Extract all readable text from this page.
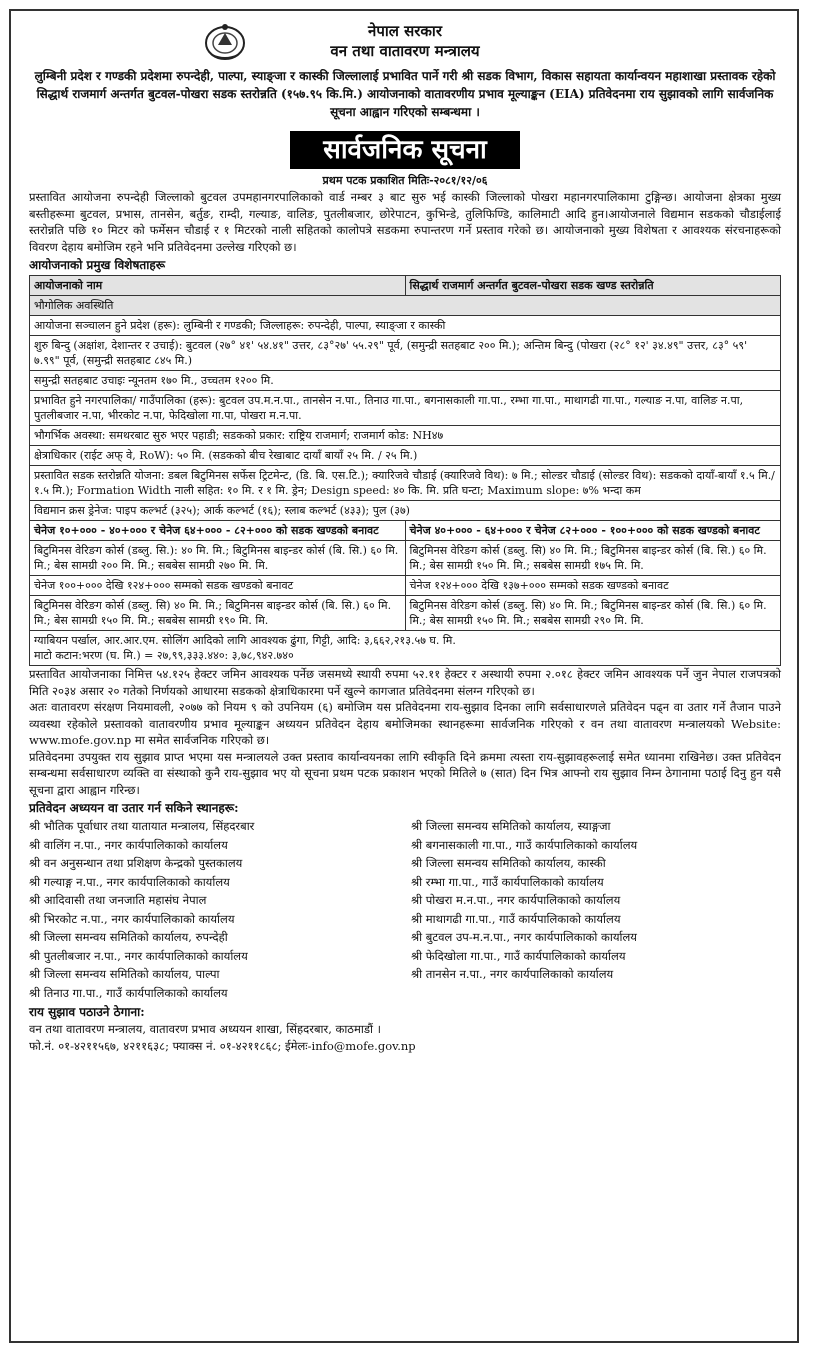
नेपाल सरकार
वन तथा वातावरण मन्त्रालय
लुम्बिनी प्रदेश र गण्डकी प्रदेशमा रुपन्देही, पाल्पा, स्याङ्जा र कास्की जिल्लालाई प्रभावित पार्ने गरी श्री सडक विभाग, विकास सहायता कार्यान्वयन महाशाखा प्रस्तावक रहेको सिद्धार्थ राजमार्ग अन्तर्गत बुटवल-पोखरा सडक स्तरोन्नति (१५७.९५ कि.मि.) आयोजनाको वातावरणीय प्रभाव मूल्याङ्कन (EIA) प्रतिवेदनमा राय सुझावको लागि सार्वजनिक सूचना आह्वान गरिएको सम्बन्धमा ।
सार्वजनिक सूचना
प्रथम पटक प्रकाशित मितिः-२०८१/१२/०६

प्रस्तावित आयोजना रुपन्देही जिल्लाको बुटवल उपमहानगरपालिकाको वार्ड नम्बर ३ बाट सुरु भई कास्की जिल्लाको पोखरा महानगरपालिकामा टुङ्गिन्छ। आयोजना क्षेत्रका मुख्य बस्तीहरूमा बुटवल, प्रभास, तानसेन, बर्तुङ, राम्दी, गल्याङ, वालिङ, पुतलीबजार, छोरेपाटन, कुभिन्डे, तुलिफिण्डि, कालिमाटी आदि हुन।आयोजनाले विद्यमान सडकको चौडाईलाई स्तरोन्नति पछि १० मिटर को फर्मेसन चौडाई र १ मिटरको नाली सहितको कालोपत्रे सडकमा रुपान्तरण गर्ने प्रस्ताव गरेको छ। आयोजनाको मुख्य विशेषता र आवश्यक संरचनाहरूको विवरण देहाय बमोजिम रहने भनि प्रतिवेदनमा उल्लेख गरिएको छ।

आयोजनाको प्रमुख विशेषताहरू
आयोजनाको नाम	सिद्धार्थ राजमार्ग अन्तर्गत बुटवल-पोखरा सडक खण्ड स्तरोन्नति
भौगोलिक अवस्थिति	
आयोजना सञ्चालन हुने प्रदेश (हरू): लुम्बिनी र गण्डकी; जिल्लाहरू: रुपन्देही, पाल्पा, स्याङ्जा र कास्की	
शुरु बिन्दु (अक्षांश, देशान्तर र उचाई): बुटवल (२७° ४१' ५४.४१" उत्तर, ८३°२७' ५५.२९" पूर्व, (समुन्द्री सतहबाट २०० मि.); अन्तिम बिन्दु (पोखरा (२८° १२' ३४.४९" उत्तर, ८३° ५९' ७.९९" पूर्व, (समुन्द्री सतहबाट ८४५ मि.)	
समुन्द्री सतहबाट उचाइः न्यूनतम १७० मि., उच्चतम १२०० मि.	
प्रभावित हुने नगरपालिका/ गाउँपालिका (हरू): बुटवल उप.म.न.पा., तानसेन न.पा., तिनाउ गा.पा., बगनासकाली गा.पा., रम्भा गा.पा., माथागढी गा.पा., गल्याङ न.पा, वालिङ न.पा, पुतलीबजार न.पा, भीरकोट न.पा, फेदिखोला गा.पा, पोखरा म.न.पा.	
भौगर्भिक अवस्था: समथरबाट सुरु भएर पहाडी; सडकको प्रकार: राष्ट्रिय राजमार्ग; राजमार्ग कोड: NH४७	
क्षेत्राधिकार (राईट अफ् वे, RoW): ५० मि. (सडकको बीच रेखाबाट दायाँ बायाँ २५ मि. / २५ मि.)	
प्रस्तावित सडक स्तरोन्नति योजना: डबल बिटुमिनस सर्फेस ट्रिटमेन्ट, (डि. बि. एस.टि.); क्यारिजवे चौडाई (क्यारिजवे विथ): ७ मि.; सोल्डर चौडाई (सोल्डर विथ): सडकको दायाँ-बायाँ १.५ मि./१.५ मि.); Formation Width नाली सहित: १० मि. र १ मि. ड्रेन; Design speed: ४० कि. मि. प्रति घन्टा; Maximum slope: ७% भन्दा कम	
विद्यमान क्रस ड्रेनेज: पाइप कल्भर्ट (३२५); आर्क कल्भर्ट (१६); स्लाब कल्भर्ट (४३३); पुल (३७)	
चेनेज १०+००० - ४०+००० र चेनेज ६४+००० - ८२+००० को सडक खण्डको बनावट	चेनेज ४०+००० - ६४+००० र चेनेज ८२+००० - १००+००० को सडक खण्डको बनावट
बिटुमिनस वेरिङग कोर्स (डब्लु. सि.): ४० मि. मि.; बिटुमिनस बाइन्डर कोर्स (बि. सि.) ६० मि. मि.; बेस सामग्री २०० मि. मि.; सबबेस सामग्री २७० मि. मि.	बिटुमिनस वेरिङग कोर्स (डब्लु. सि) ४० मि. मि.; बिटुमिनस बाइन्डर कोर्स (बि. सि.) ६० मि. मि.; बेस सामग्री १५० मि. मि.; सबबेस सामग्री १७५ मि. मि.
चेनेज १००+००० देखि १२४+००० सम्मको सडक खण्डको बनावट	चेनेज १२४+००० देखि १३७+००० सम्मको सडक खण्डको बनावट
बिटुमिनस वेरिङग कोर्स (डब्लु. सि) ४० मि. मि.; बिटुमिनस बाइन्डर कोर्स (बि. सि.) ६० मि. मि.; बेस सामग्री १५० मि. मि.; सबबेस सामग्री १९० मि. मि.	बिटुमिनस वेरिङग कोर्स (डब्लु. सि) ४० मि. मि.; बिटुमिनस बाइन्डर कोर्स (बि. सि.) ६० मि. मि.; बेस सामग्री १५० मि. मि.; सबबेस सामग्री २९० मि. मि.

ग्याबियन पर्खाल, आर.आर.एम. सोलिंग आदिको लागि आवश्यक ढुंगा, गिट्टी, आदि: ३,६६२,२१३.५७ घ. मि.
माटो कटान:भरण (घ. मि.) = २७,९९,३३३.४४०: ३,७८,९४२.७४०	

प्रस्तावित आयोजनाका निमित्त ५४.१२५ हेक्टर जमिन आवश्यक पर्नेछ जसमध्ये स्थायी रुपमा ५२.११ हेक्टर र अस्थायी रुपमा २.०१८ हेक्टर जमिन आवश्यक पर्ने जुन नेपाल राजपत्रको मिति २०३४ असार २० गतेको निर्णयको आधारमा सडकको क्षेत्राधिकारमा पर्ने खुल्ने कागजात प्रतिवेदनमा संलग्न गरिएको छ।

अतः वातावरण संरक्षण नियमावली, २०७७ को नियम ९ को उपनियम (६) बमोजिम यस प्रतिवेदनमा राय-सुझाव दिनका लागि सर्वसाधारणले प्रतिवेदन पढ्न वा उतार गर्ने तैजान पाउने व्यवस्था रहेकोले प्रस्तावको वातावरणीय प्रभाव मूल्याङ्कन अध्ययन प्रतिवेदन देहाय बमोजिमका स्थानहरूमा सार्वजनिक गरिएको र वन तथा वातावरण मन्त्रालयको Website: www.mofe.gov.np मा समेत सार्वजनिक गरिएको छ।

प्रतिवेदनमा उपयुक्त राय सुझाव प्राप्त भएमा यस मन्त्रालयले उक्त प्रस्ताव कार्यान्वयनका लागि स्वीकृति दिने क्रममा त्यस्ता राय-सुझावहरूलाई समेत ध्यानमा राखिनेछ। उक्त प्रतिवेदन सम्बन्धमा सर्वसाधारण व्यक्ति वा संस्थाको कुनै राय-सुझाव भए यो सूचना प्रथम पटक प्रकाशन भएको मितिले ७ (सात) दिन भित्र आफ्नो राय सुझाव निम्न ठेगानामा पठाई दिनु हुन यसै सूचना द्वारा आह्वान गरिन्छ।

प्रतिवेदन अध्ययन वा उतार गर्न सकिने स्थानहरू:
श्री भौतिक पूर्वाधार तथा यातायात मन्त्रालय, सिंहदरबार
श्री वालिंग न.पा., नगर कार्यपालिकाको कार्यालय
श्री वन अनुसन्धान तथा प्रशिक्षण केन्द्रको पुस्तकालय
श्री गल्याङ्ग न.पा., नगर कार्यपालिकाको कार्यालय
श्री आदिवासी तथा जनजाति महासंघ नेपाल
श्री भिरकोट न.पा., नगर कार्यपालिकाको कार्यालय
श्री जिल्ला समन्वय समितिको कार्यालय, रुपन्देही
श्री पुतलीबजार न.पा., नगर कार्यपालिकाको कार्यालय
श्री जिल्ला समन्वय समितिको कार्यालय, पाल्पा
श्री तिनाउ गा.पा., गाउँ कार्यपालिकाको कार्यालय
श्री जिल्ला समन्वय समितिको कार्यालय, स्याङ्गजा
श्री बगनासकाली गा.पा., गाउँ कार्यपालिकाको कार्यालय
श्री जिल्ला समन्वय समितिको कार्यालय, कास्की
श्री रम्भा गा.पा., गाउँ कार्यपालिकाको कार्यालय
श्री पोखरा म.न.पा., नगर कार्यपालिकाको कार्यालय
श्री माथागढी गा.पा., गाउँ कार्यपालिकाको कार्यालय
श्री बुटवल उप-म.न.पा., नगर कार्यपालिकाको कार्यालय
श्री फेदिखोला गा.पा., गाउँ कार्यपालिकाको कार्यालय
श्री तानसेन न.पा., नगर कार्यपालिकाको कार्यालय
राय सुझाव पठाउने ठेगाना:
वन तथा वातावरण मन्त्रालय, वातावरण प्रभाव अध्ययन शाखा, सिंहदरबार, काठमाडौं ।
फो.नं. ०१-४२११५६७, ४२११६३८; फ्याक्स नं. ०१-४२११८६८; ईमेलः-info@mofe.gov.np
